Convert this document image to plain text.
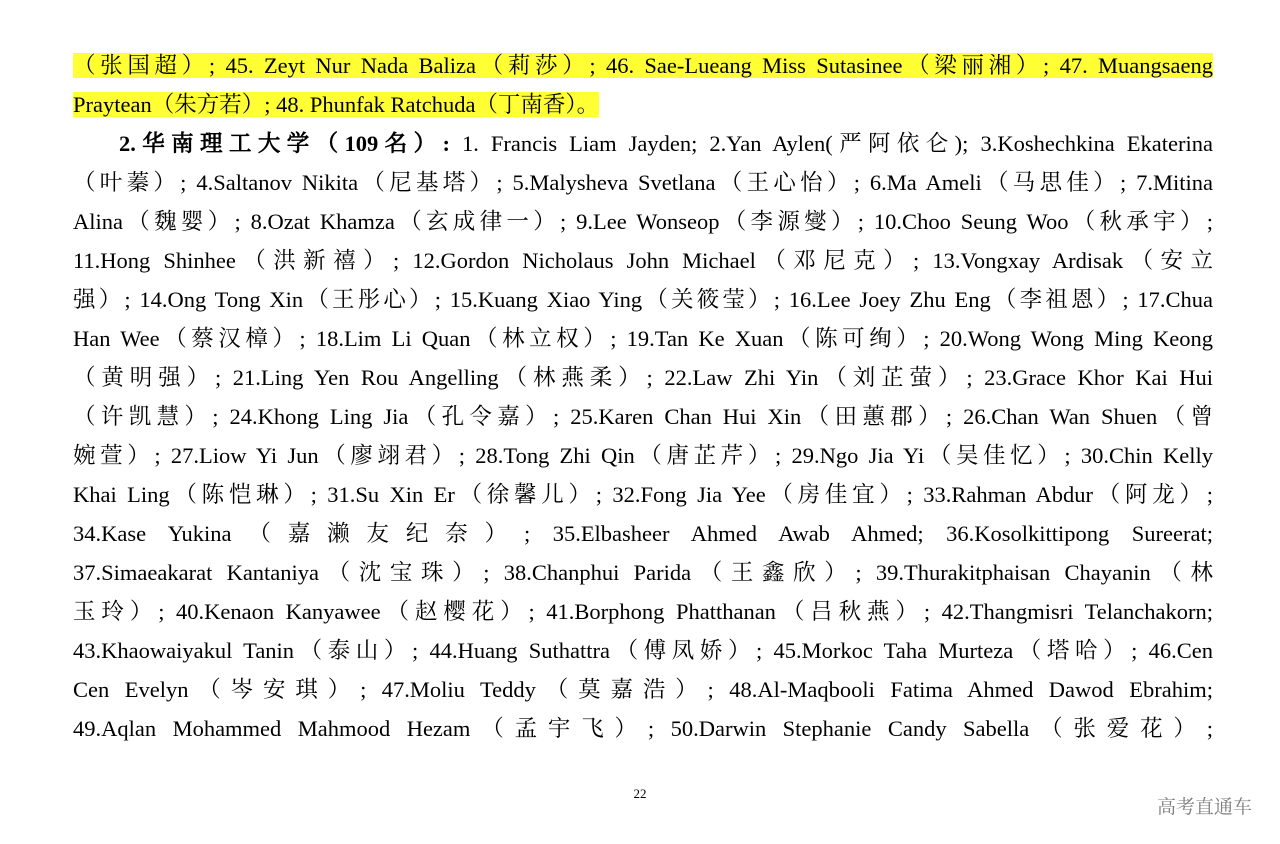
（张国超）; 45. Zeyt Nur Nada Baliza（莉莎）; 46. Sae-Lueang Miss Sutasinee（梁丽湘）; 47. Muangsaeng
Praytean（朱方若）; 48. Phunfak Ratchuda（丁南香）。
2.华南理工大学（109名）: 1. Francis Liam Jayden; 2.Yan Aylen(严阿依仑); 3.Koshechkina Ekaterina
（叶蓁）; 4.Saltanov Nikita（尼基塔）; 5.Malysheva Svetlana（王心怡）; 6.Ma Ameli（马思佳）; 7.Mitina
Alina（魏婴）; 8.Ozat Khamza（玄成律一）; 9.Lee Wonseop（李源燮）; 10.Choo Seung Woo（秋承宇）;
11.Hong Shinhee（洪新禧）; 12.Gordon Nicholaus John Michael（邓尼克）; 13.Vongxay Ardisak（安立
强）; 14.Ong Tong Xin（王彤心）; 15.Kuang Xiao Ying（关筱莹）; 16.Lee Joey Zhu Eng（李祖恩）; 17.Chua
Han Wee（蔡汉樟）; 18.Lim Li Quan（林立权）; 19.Tan Ke Xuan（陈可绚）; 20.Wong Wong Ming Keong
（黄明强）; 21.Ling Yen Rou Angelling（林燕柔）; 22.Law Zhi Yin（刘芷萤）; 23.Grace Khor Kai Hui
（许凯慧）; 24.Khong Ling Jia（孔令嘉）; 25.Karen Chan Hui Xin（田蕙郡）; 26.Chan Wan Shuen（曾
婉萱）; 27.Liow Yi Jun（廖翊君）; 28.Tong Zhi Qin（唐芷芹）; 29.Ngo Jia Yi（吴佳忆）; 30.Chin Kelly
Khai Ling（陈恺琳）; 31.Su Xin Er（徐馨儿）; 32.Fong Jia Yee（房佳宜）; 33.Rahman Abdur（阿龙）;
34.Kase Yukina（嘉濑友纪奈）; 35.Elbasheer Ahmed Awab Ahmed; 36.Kosolkittipong Sureerat;
37.Simaeakarat Kantaniya（沈宝珠）; 38.Chanphui Parida（王鑫欣）; 39.Thurakitphaisan Chayanin（林
玉玲）; 40.Kenaon Kanyawee（赵樱花）; 41.Borphong Phatthanan（吕秋燕）; 42.Thangmisri Telanchakorn;
43.Khaowaiyakul Tanin（泰山）; 44.Huang Suthattra（傅凤娇）; 45.Morkoc Taha Murteza（塔哈）; 46.Cen
Cen Evelyn（岑安琪）; 47.Moliu Teddy（莫嘉浩）; 48.Al-Maqbooli Fatima Ahmed Dawod Ebrahim;
49.Aqlan Mohammed Mahmood Hezam（孟宇飞）; 50.Darwin Stephanie Candy Sabella（张爱花）;
22
高考直通车
